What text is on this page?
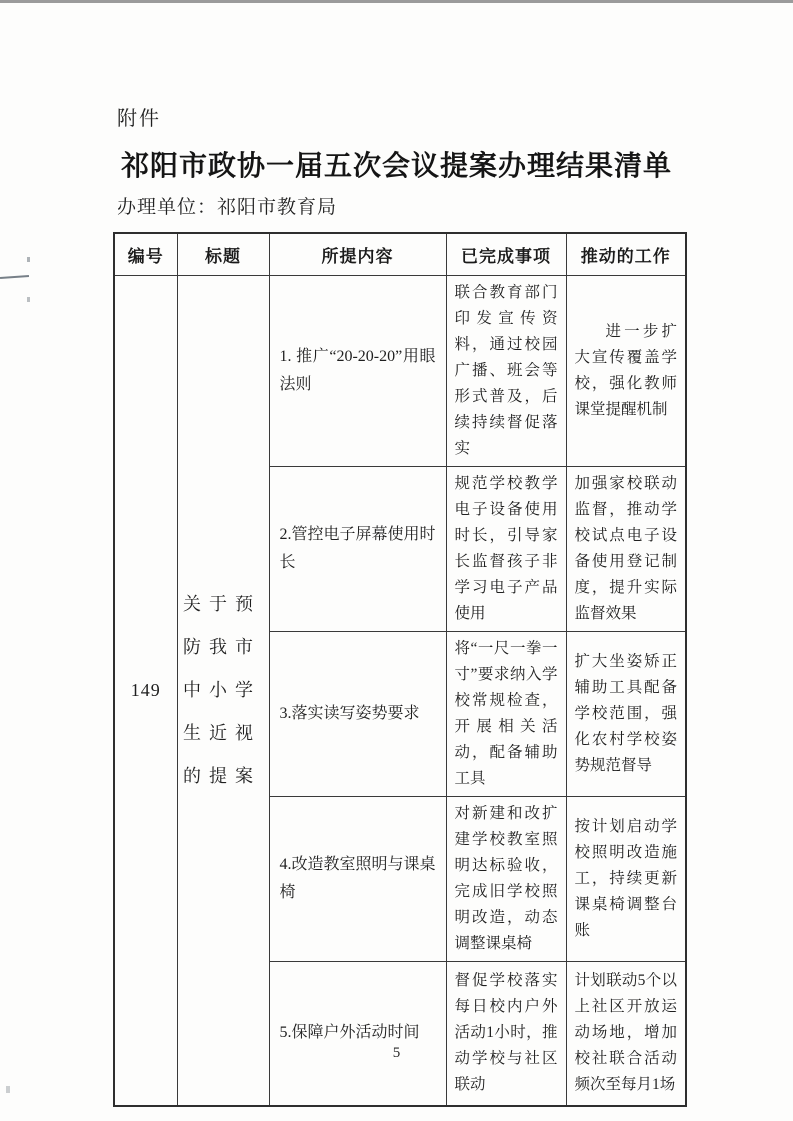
附件
祁阳市政协一届五次会议提案办理结果清单
办理单位：祁阳市教育局
编号	标题	所提内容	已完成事项	推动的工作
149	关于预防我市中小学生近视的提案	1. 推广“20-20-20”用眼法则	联合教育部门印发宣传资料，通过校园广播、班会等形式普及，后续持续督促落实	进一步扩大宣传覆盖学校，强化教师课堂提醒机制
		2.管控电子屏幕使用时长	规范学校教学电子设备使用时长，引导家长监督孩子非学习电子产品使用	加强家校联动监督，推动学校试点电子设备使用登记制度，提升实际监督效果
		3.落实读写姿势要求	将“一尺一拳一寸”要求纳入学校常规检查，开展相关活动，配备辅助工具	扩大坐姿矫正辅助工具配备学校范围，强化农村学校姿势规范督导
		4.改造教室照明与课桌椅	对新建和改扩建学校教室照明达标验收，完成旧学校照明改造，动态调整课桌椅	按计划启动学校照明改造施工，持续更新课桌椅调整台账
		5.保障户外活动时间	督促学校落实每日校内户外活动1小时，推动学校与社区联动	计划联动5个以上社区开放运动场地，增加校社联合活动频次至每月1场
5
